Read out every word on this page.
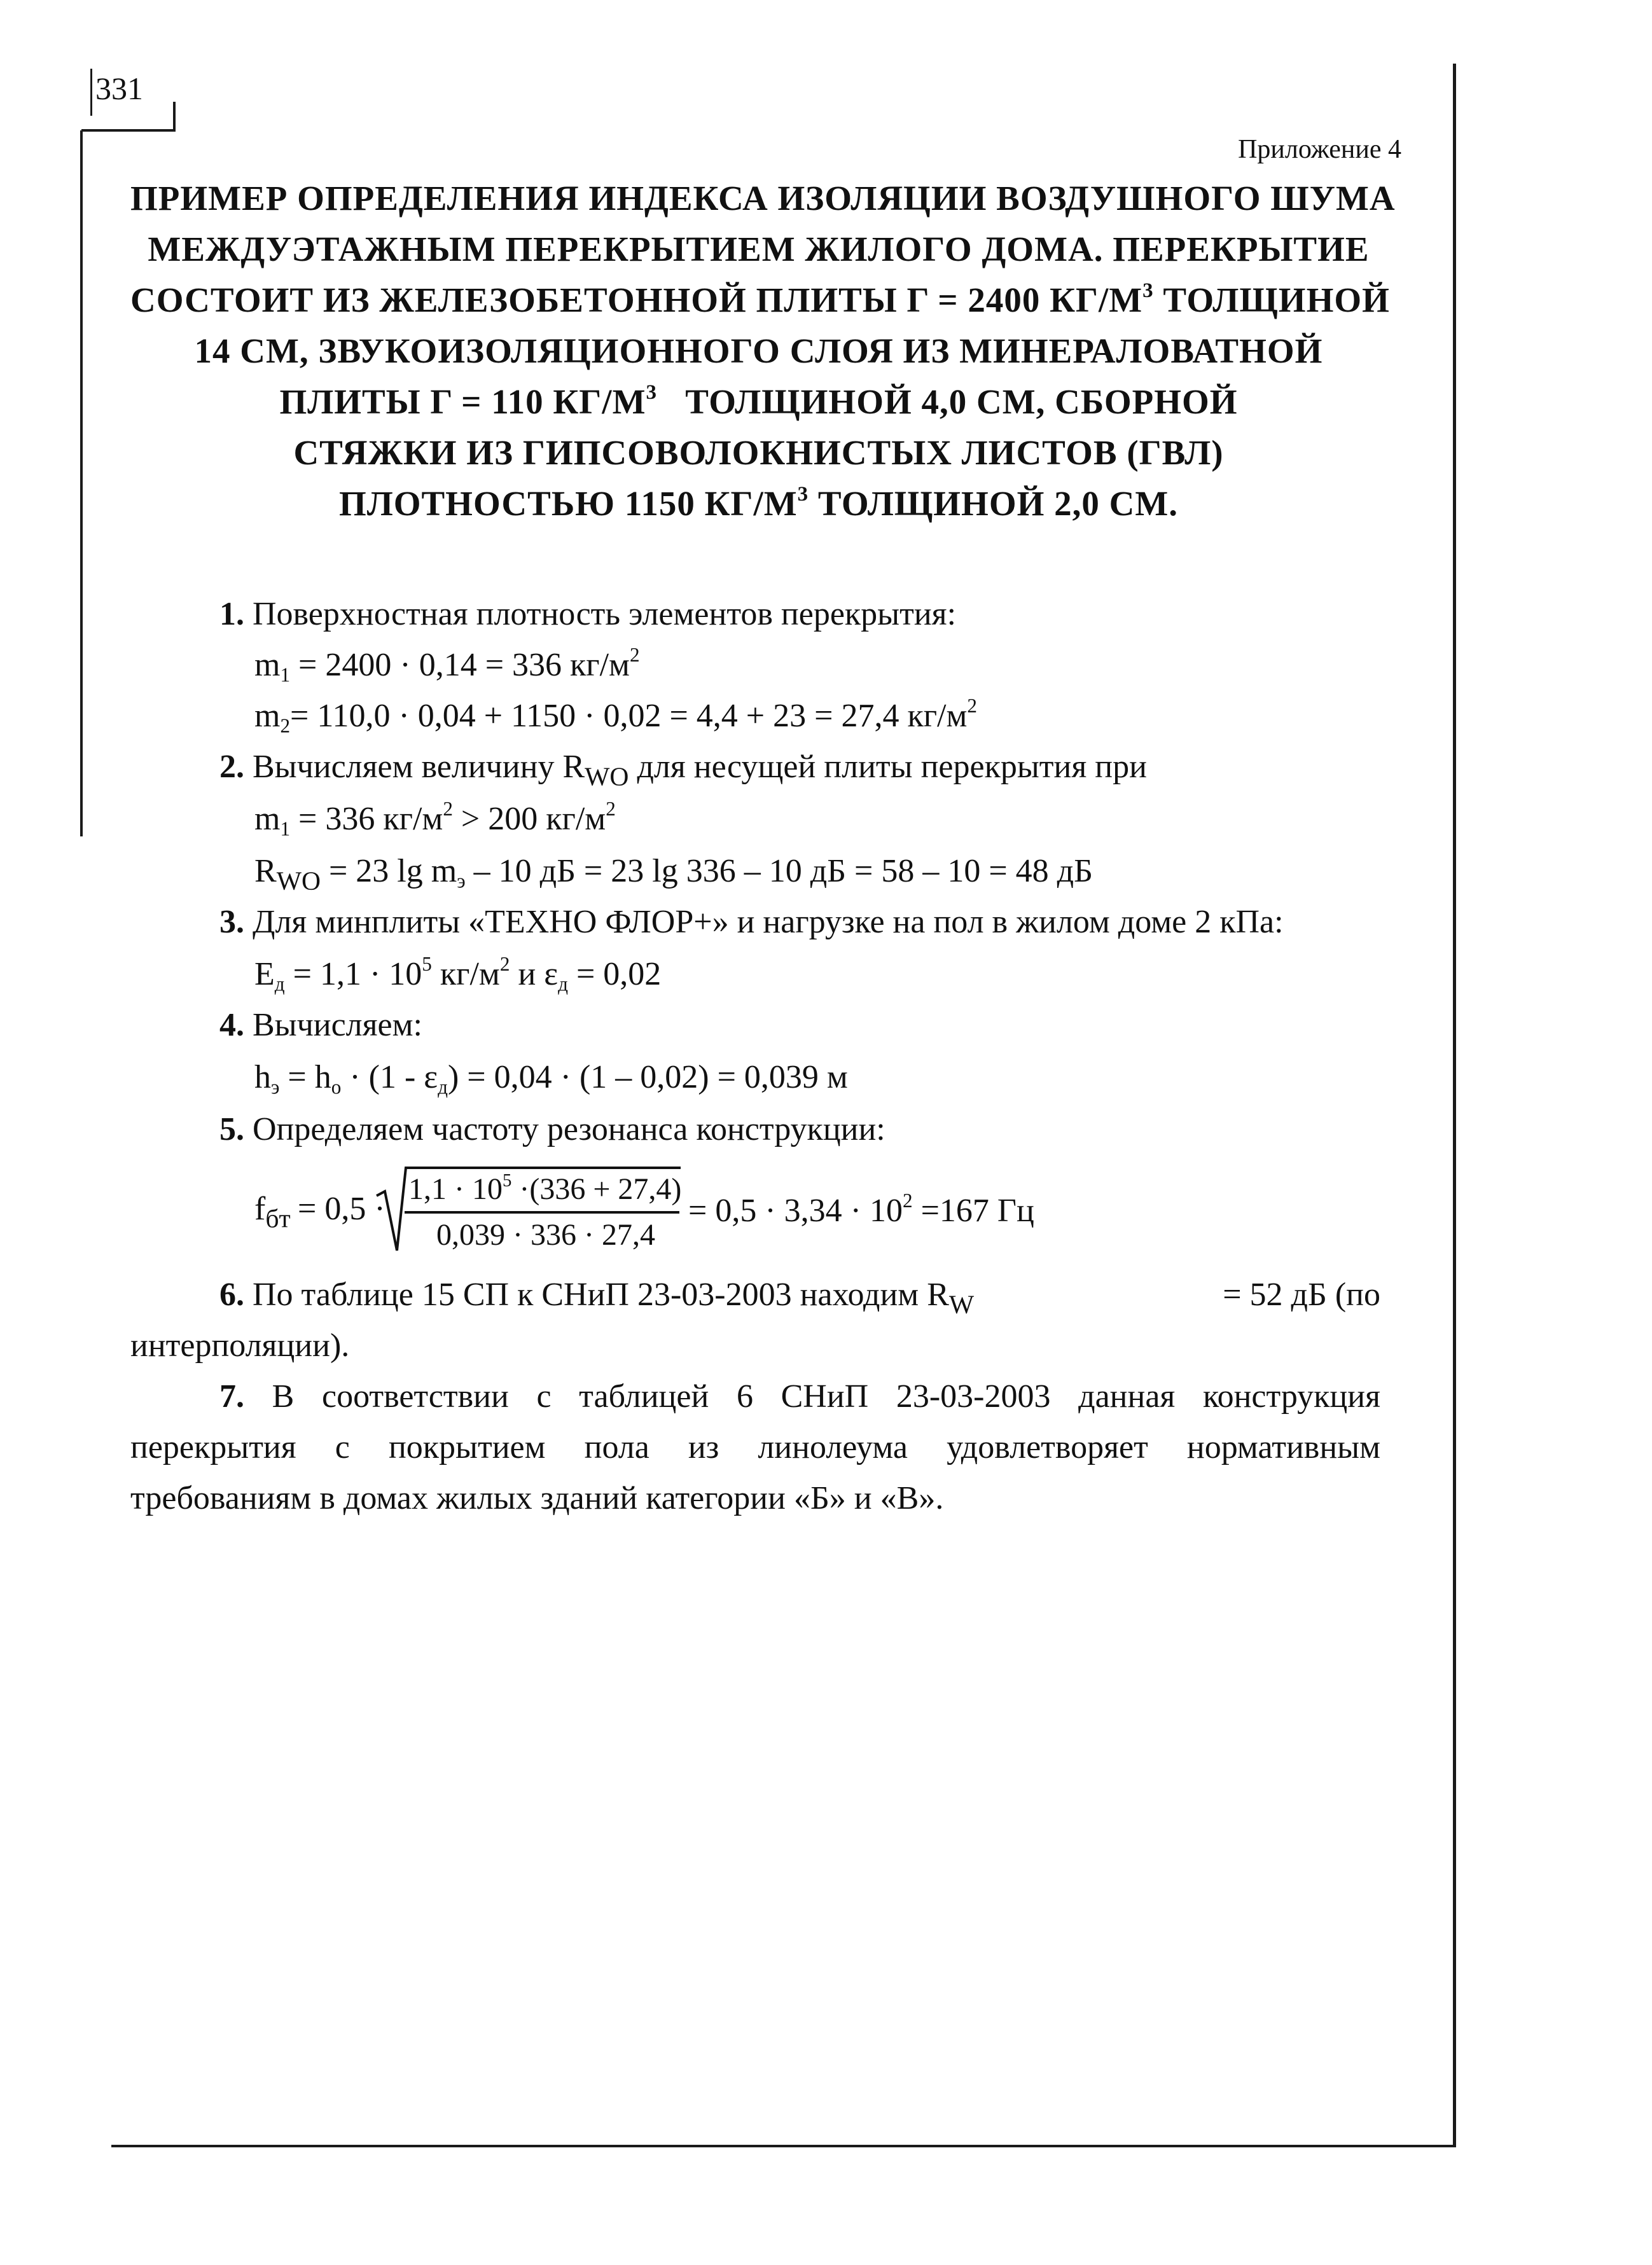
331
Приложение 4
ПРИМЕР ОПРЕДЕЛЕНИЯ ИНДЕКСА ИЗОЛЯЦИИ ВОЗДУШНОГО ШУМА
МЕЖДУЭТАЖНЫМ ПЕРЕКРЫТИЕМ ЖИЛОГО ДОМА. ПЕРЕКРЫТИЕ
СОСТОИТ ИЗ ЖЕЛЕЗОБЕТОННОЙ ПЛИТЫ Γ = 2400 $КГ/М^3$ ТОЛЩИНОЙ
14 СМ, ЗВУКОИЗОЛЯЦИОННОГО СЛОЯ ИЗ МИНЕРАЛОВАТНОЙ
ПЛИТЫ Γ = 110 $КГ/М^3$ ТОЛЩИНОЙ 4,0 СМ, СБОРНОЙ
СТЯЖКИ ИЗ ГИПСОВОЛОКНИСТЫХ ЛИСТОВ (ГВЛ)
ПЛОТНОСТЬЮ 1150 $КГ/М^3$ ТОЛЩИНОЙ 2,0 СМ.
1. Поверхностная плотность элементов перекрытия:
$m_1 = 2400 \cdot 0,14 = 336$ $кг/м^2$
$m_2= 110,0 \cdot 0,04 + 1150 \cdot 0,02 = 4,4 + 23 = 27,4$ $кг/м^2$
2. Вычисляем величину $R_{WO}$ для несущей плиты перекрытия при
$m_1 = 336$ $кг/м^2 > 200$ $кг/м^2$
$R_{WO} = 23$ $\lg m_э - 10$ дБ = 23 lg 336 – 10 дБ = 58 – 10 = 48 дБ
3. Для минплиты «ТЕХНО ФЛОР+» и нагрузке на пол в жилом доме 2 кПа:
$E_д = 1,1 \cdot 10^5$ $кг/м^2$ и $\varepsilon_д = 0,02$
4. Вычисляем:
$h_э = h_o \cdot (1 - \varepsilon_д) = 0,04 \cdot (1 - 0,02) = 0,039$ м
5. Определяем частоту резонанса конструкции:
$f_{бт} = 0,5$ ·
$1,1 \cdot 10^5 \cdot(336 + 27,4)$
0,039 · 336 · 27,4
= $0,5 \cdot 3,34 \cdot 10^2 =167$ Гц
6. По таблице 15 СП к СНиП 23-03-2003 находим $R_W$	= 52 дБ (по
интерполяции).
7. В соответствии с таблицей 6 СНиП 23-03-2003 данная конструкция
перекрытия с покрытием пола из линолеума удовлетворяет нормативным
требованиям в домах жилых зданий категории «Б» и «В».
